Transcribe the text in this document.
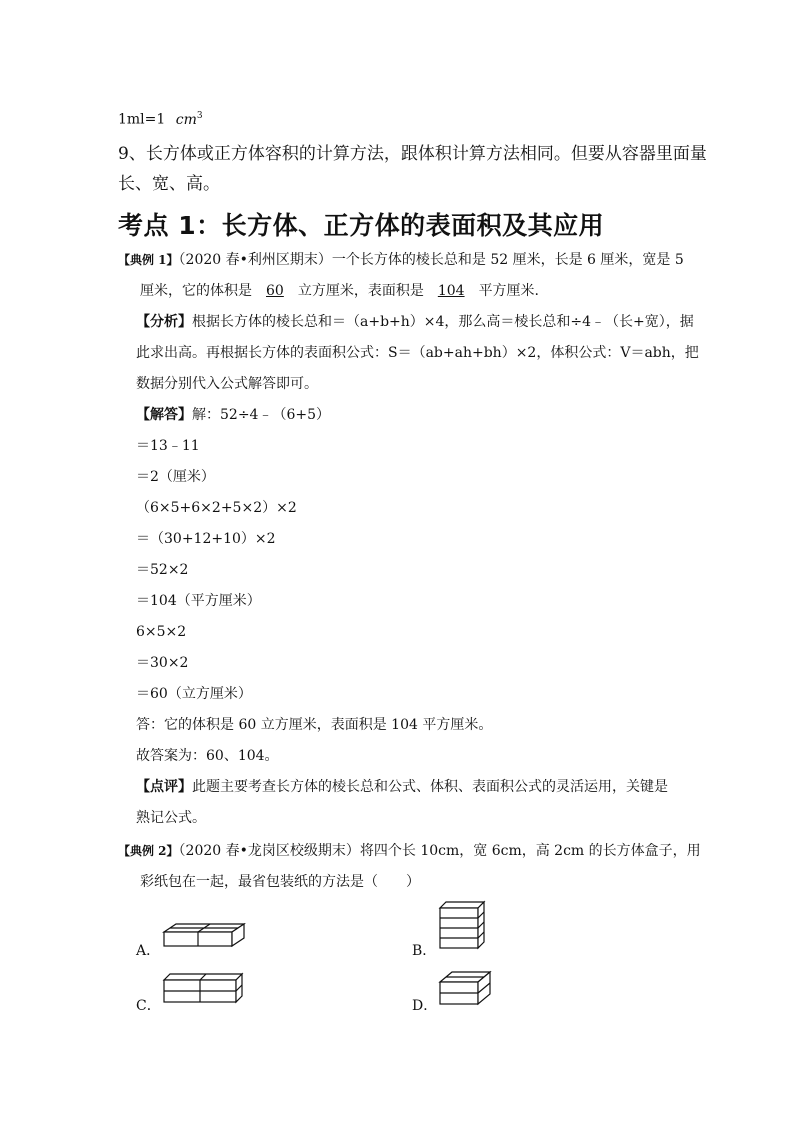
1ml=1 $cm^3$
9、长方体或正方体容积的计算方法，跟体积计算方法相同。但要从容器里面量
长、宽、高。
考点 1：长方体、正方体的表面积及其应用
【典例 1】（2020 春•利州区期末）一个长方体的棱长总和是 52 厘米，长是 6 厘米，宽是 5
厘米，它的体积是 60 立方厘米，表面积是 104 平方厘米.
【分析】根据长方体的棱长总和＝（a+b+h）×4，那么高＝棱长总和÷4﹣（长+宽），据
此求出高。再根据长方体的表面积公式：S＝（ab+ah+bh）×2，体积公式：V＝abh，把
数据分别代入公式解答即可。
【解答】解：52÷4﹣（6+5）
＝13﹣11
＝2（厘米）
（6×5+6×2+5×2）×2
＝（30+12+10）×2
＝52×2
＝104（平方厘米）
6×5×2
＝30×2
＝60（立方厘米）
答：它的体积是 60 立方厘米，表面积是 104 平方厘米。
故答案为：60、104。
【点评】此题主要考查长方体的棱长总和公式、体积、表面积公式的灵活运用，关键是
熟记公式。
【典例 2】（2020 春•龙岗区校级期末）将四个长 10cm，宽 6cm，高 2cm 的长方体盒子，用
彩纸包在一起，最省包装纸的方法是（　　）
A．	B．
C．	D．
